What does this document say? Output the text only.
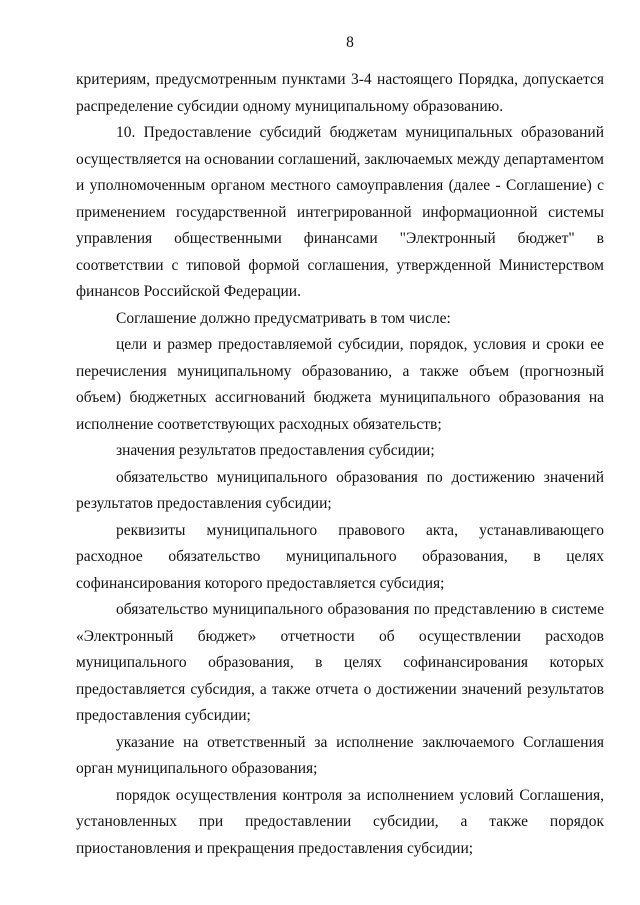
8

критериям, предусмотренным пунктами 3-4 настоящего Порядка, допускается распределение субсидии одному муниципальному образованию.

10. Предоставление субсидий бюджетам муниципальных образований осуществляется на основании соглашений, заключаемых между департаментом и уполномоченным органом местного самоуправления (далее - Соглашение) с применением государственной интегрированной информационной системы управления общественными финансами "Электронный бюджет" в соответствии с типовой формой соглашения, утвержденной Министерством финансов Российской Федерации.

Соглашение должно предусматривать в том числе:

цели и размер предоставляемой субсидии, порядок, условия и сроки ее перечисления муниципальному образованию, а также объем (прогнозный объем) бюджетных ассигнований бюджета муниципального образования на исполнение соответствующих расходных обязательств;

значения результатов предоставления субсидии;

обязательство муниципального образования по достижению значений результатов предоставления субсидии;

реквизиты муниципального правового акта, устанавливающего расходное обязательство муниципального образования, в целях софинансирования которого предоставляется субсидия;

обязательство муниципального образования по представлению в системе «Электронный бюджет» отчетности об осуществлении расходов муниципального образования, в целях софинансирования которых предоставляется субсидия, а также отчета о достижении значений результатов предоставления субсидии;

указание на ответственный за исполнение заключаемого Соглашения орган муниципального образования;

порядок осуществления контроля за исполнением условий Соглашения, установленных при предоставлении субсидии, а также порядок приостановления и прекращения предоставления субсидии;
